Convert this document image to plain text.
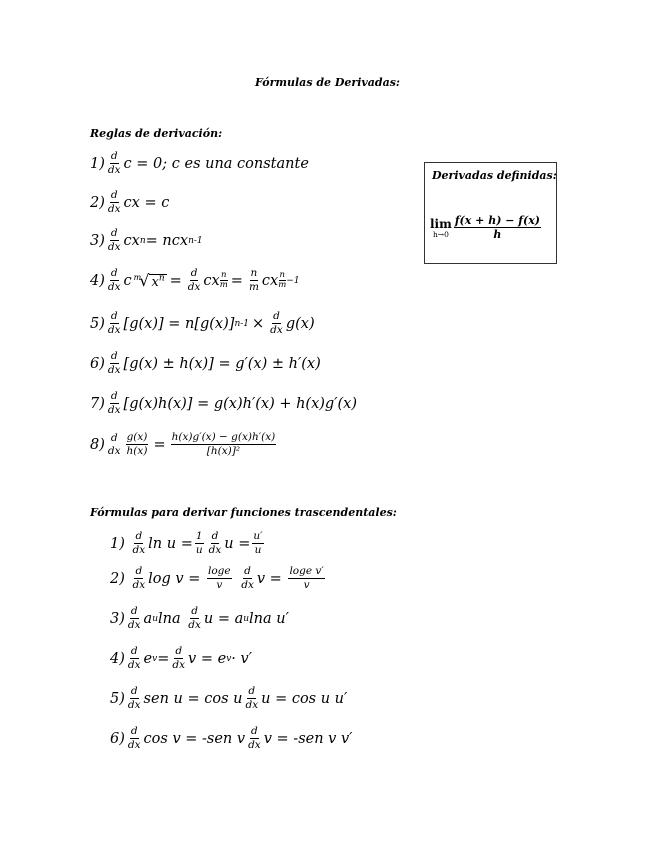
Fórmulas de Derivadas:
Reglas de derivación:
$1) \frac{d}{dx}$ c = 0; c es una constante
$2) \frac{d}{dx}$ cx = c
$3) \frac{d}{dx}$ cx n = ncx n-1
$4) \frac{d}{dx}$ c m
√ $x^n = \frac{d}{dx}$ cx $\frac{n}{m} = \frac{n}{m}$ cx n
m −1
$5) \frac{d}{dx} [g(x)] = n[g(x)] n-1 \times \frac{d}{dx} g(x)$
$6) \frac{d}{dx} [g(x) \pm h(x)] = g'(x) \pm h'(x)$
$7) \frac{d}{dx} [g(x)h(x)] = g(x)h'(x) + h(x)g'(x)$
8) d
dx $\frac{g(x)}{h(x)} = \frac{h(x)g'(x) - g(x)h'(x)}{\text{[h(x)]²}}$
Derivadas definidas:
lim
$h\to 0 \frac{f(x + h) - f(x)}{h}$
Fórmulas para derivar funciones trascendentales:
1)
$\frac{d}{dx}$ $\ln u = \frac{1}{u} \frac{d}{dx}$ $u = \frac{u'}{u}$
2)
$\frac{d}{dx}$ log v =
$\frac{\log e}{v}$
$\frac{d}{dx}$ v =
$\frac{\text{loge v′}}{v}$
$3) \frac{d}{dx}$ a u lna
$\frac{d}{dx}$ u = a u lna u′
$4) \frac{d}{dx}$ e $v = \frac{d}{dx}$ v = e v · v′
$5) \frac{d}{dx}$ sen u = cos u $\frac{d}{dx}$ u = cos u u′
$6) \frac{d}{dx}$ cos v = -sen v $\frac{d}{dx}$ v = -sen v v′
